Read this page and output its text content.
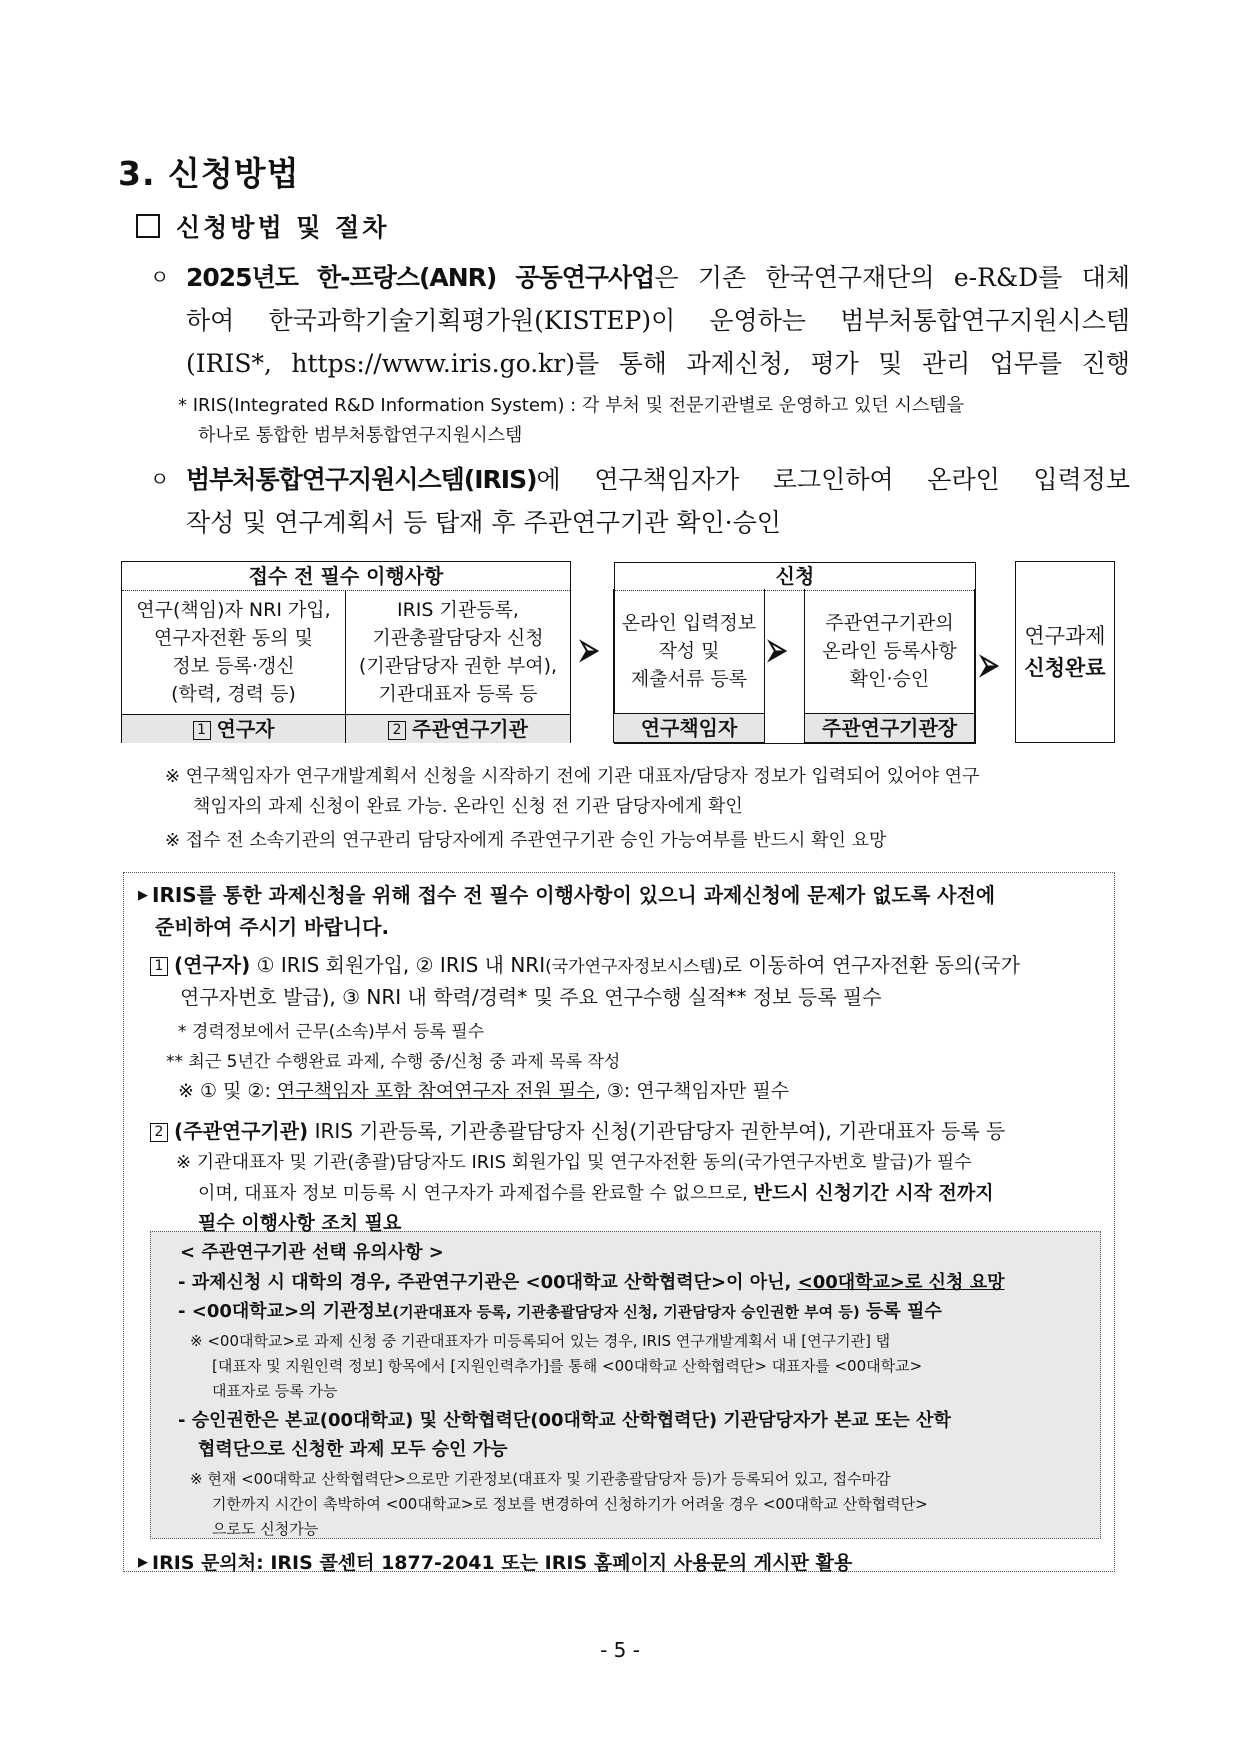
3. 신청방법
신청방법 및 절차
ㅇ 2025년도 한-프랑스(ANR) 공동연구사업은 기존 한국연구재단의 e-R&D를 대체
하여 한국과학기술기획평가원(KISTEP)이 운영하는 범부처통합연구지원시스템
(IRIS*, https://www.iris.go.kr)를 통해 과제신청, 평가 및 관리 업무를 진행
* IRIS(Integrated R&D Information System) : 각 부처 및 전문기관별로 운영하고 있던 시스템을
하나로 통합한 범부처통합연구지원시스템
ㅇ 범부처통합연구지원시스템(IRIS)에 연구책임자가 로그인하여 온라인 입력정보
작성 및 연구계획서 등 탑재 후 주관연구기관 확인·승인
접수 전 필수 이행사항
연구(책임)자 NRI 가입,
연구자전환 동의 및
정보 등록·갱신
(학력, 경력 등)
IRIS 기관등록,
기관총괄담당자 신청
(기관담당자 권한 부여),
기관대표자 등록 등
1 연구자	2 주관연구기관
⮚
신청
온라인 입력정보
작성 및
제출서류 등록
연구책임자
⮚
주관연구기관의
온라인 등록사항
확인·승인
주관연구기관장
⮚
연구과제
신청완료
※ 연구책임자가 연구개발계획서 신청을 시작하기 전에 기관 대표자/담당자 정보가 입력되어 있어야 연구
책임자의 과제 신청이 완료 가능. 온라인 신청 전 기관 담당자에게 확인
※ 접수 전 소속기관의 연구관리 담당자에게 주관연구기관 승인 가능여부를 반드시 확인 요망
▶ IRIS를 통한 과제신청을 위해 접수 전 필수 이행사항이 있으니 과제신청에 문제가 없도록 사전에
준비하여 주시기 바랍니다.
1 (연구자) ① IRIS 회원가입, ② IRIS 내 NRI(국가연구자정보시스템)로 이동하여 연구자전환 동의(국가
연구자번호 발급), ③ NRI 내 학력/경력* 및 주요 연구수행 실적** 정보 등록 필수
* 경력정보에서 근무(소속)부서 등록 필수
** 최근 5년간 수행완료 과제, 수행 중/신청 중 과제 목록 작성
※ ① 및 ②: 연구책임자 포함 참여연구자 전원 필수, ③: 연구책임자만 필수
2 (주관연구기관) IRIS 기관등록, 기관총괄담당자 신청(기관담당자 권한부여), 기관대표자 등록 등
※ 기관대표자 및 기관(총괄)담당자도 IRIS 회원가입 및 연구자전환 동의(국가연구자번호 발급)가 필수
이며, 대표자 정보 미등록 시 연구자가 과제접수를 완료할 수 없으므로, 반드시 신청기간 시작 전까지
필수 이행사항 조치 필요
< 주관연구기관 선택 유의사항 >
- 과제신청 시 대학의 경우, 주관연구기관은 <00대학교 산학협력단>이 아닌, <00대학교>로 신청 요망
- <00대학교>의 기관정보(기관대표자 등록, 기관총괄담당자 신청, 기관담당자 승인권한 부여 등) 등록 필수
※ <00대학교>로 과제 신청 중 기관대표자가 미등록되어 있는 경우, IRIS 연구개발계획서 내 [연구기관] 탭
[대표자 및 지원인력 정보] 항목에서 [지원인력추가]를 통해 <00대학교 산학협력단> 대표자를 <00대학교>
대표자로 등록 가능
- 승인권한은 본교(00대학교) 및 산학협력단(00대학교 산학협력단) 기관담당자가 본교 또는 산학
협력단으로 신청한 과제 모두 승인 가능
※ 현재 <00대학교 산학협력단>으로만 기관정보(대표자 및 기관총괄담당자 등)가 등록되어 있고, 접수마감
기한까지 시간이 촉박하여 <00대학교>로 정보를 변경하여 신청하기가 어려울 경우 <00대학교 산학협력단>
으로도 신청가능
▶ IRIS 문의처: IRIS 콜센터 1877-2041 또는 IRIS 홈페이지 사용문의 게시판 활용
- 5 -
